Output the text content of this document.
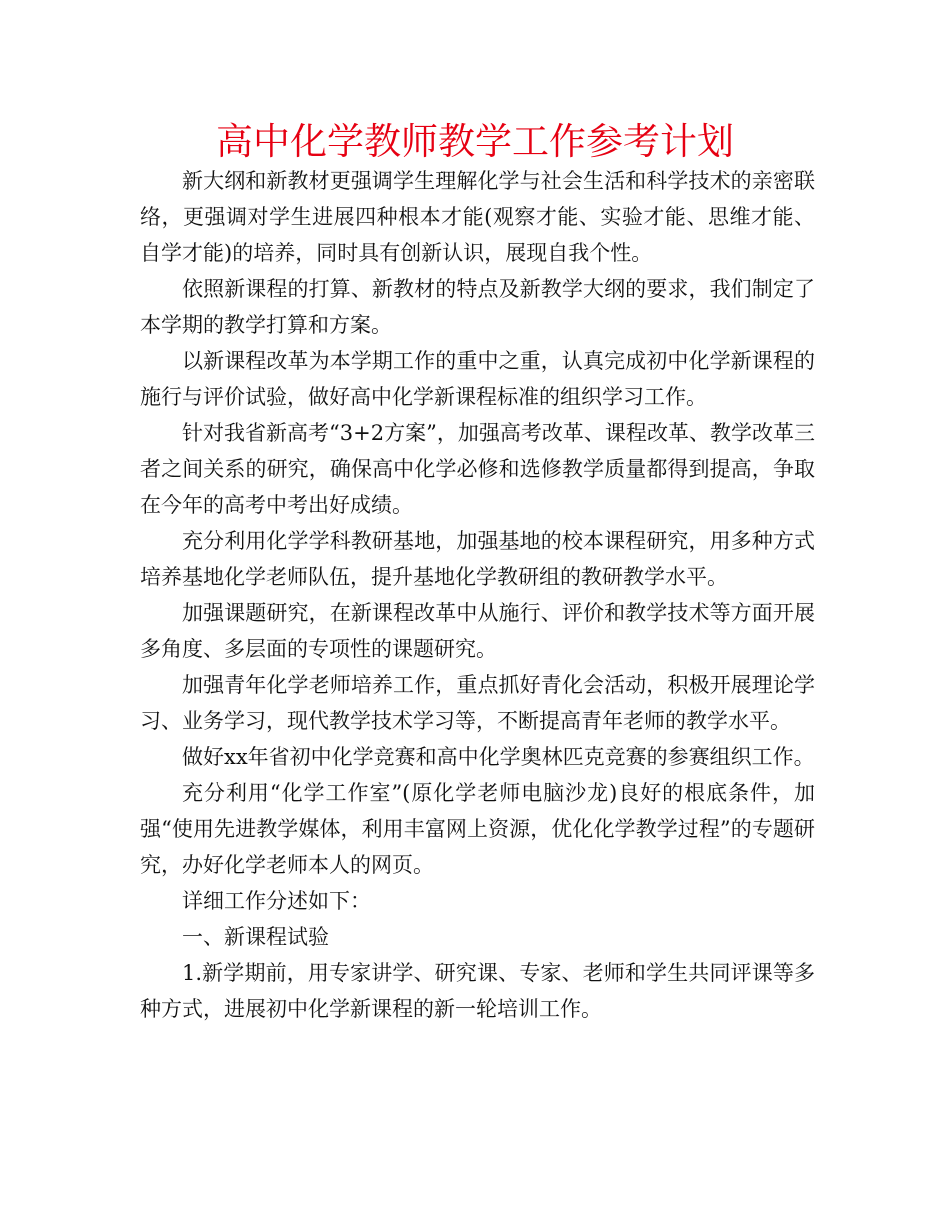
高中化学教师教学工作参考计划

新大纲和新教材更强调学生理解化学与社会生活和科学技术的亲密联络，更强调对学生进展四种根本才能(观察才能、实验才能、思维才能、自学才能)的培养，同时具有创新认识，展现自我个性。

依照新课程的打算、新教材的特点及新教学大纲的要求，我们制定了本学期的教学打算和方案。

以新课程改革为本学期工作的重中之重，认真完成初中化学新课程的施行与评价试验，做好高中化学新课程标准的组织学习工作。

针对我省新高考“3+2方案”，加强高考改革、课程改革、教学改革三者之间关系的研究，确保高中化学必修和选修教学质量都得到提高，争取在今年的高考中考出好成绩。

充分利用化学学科教研基地，加强基地的校本课程研究，用多种方式培养基地化学老师队伍，提升基地化学教研组的教研教学水平。

加强课题研究，在新课程改革中从施行、评价和教学技术等方面开展多角度、多层面的专项性的课题研究。

加强青年化学老师培养工作，重点抓好青化会活动，积极开展理论学习、业务学习，现代教学技术学习等，不断提高青年老师的教学水平。

做好xx年省初中化学竞赛和高中化学奥林匹克竞赛的参赛组织工作。

充分利用“化学工作室”(原化学老师电脑沙龙)良好的根底条件，加强“使用先进教学媒体，利用丰富网上资源，优化化学教学过程”的专题研究，办好化学老师本人的网页。

详细工作分述如下：

一、新课程试验

1.新学期前，用专家讲学、研究课、专家、老师和学生共同评课等多种方式，进展初中化学新课程的新一轮培训工作。
